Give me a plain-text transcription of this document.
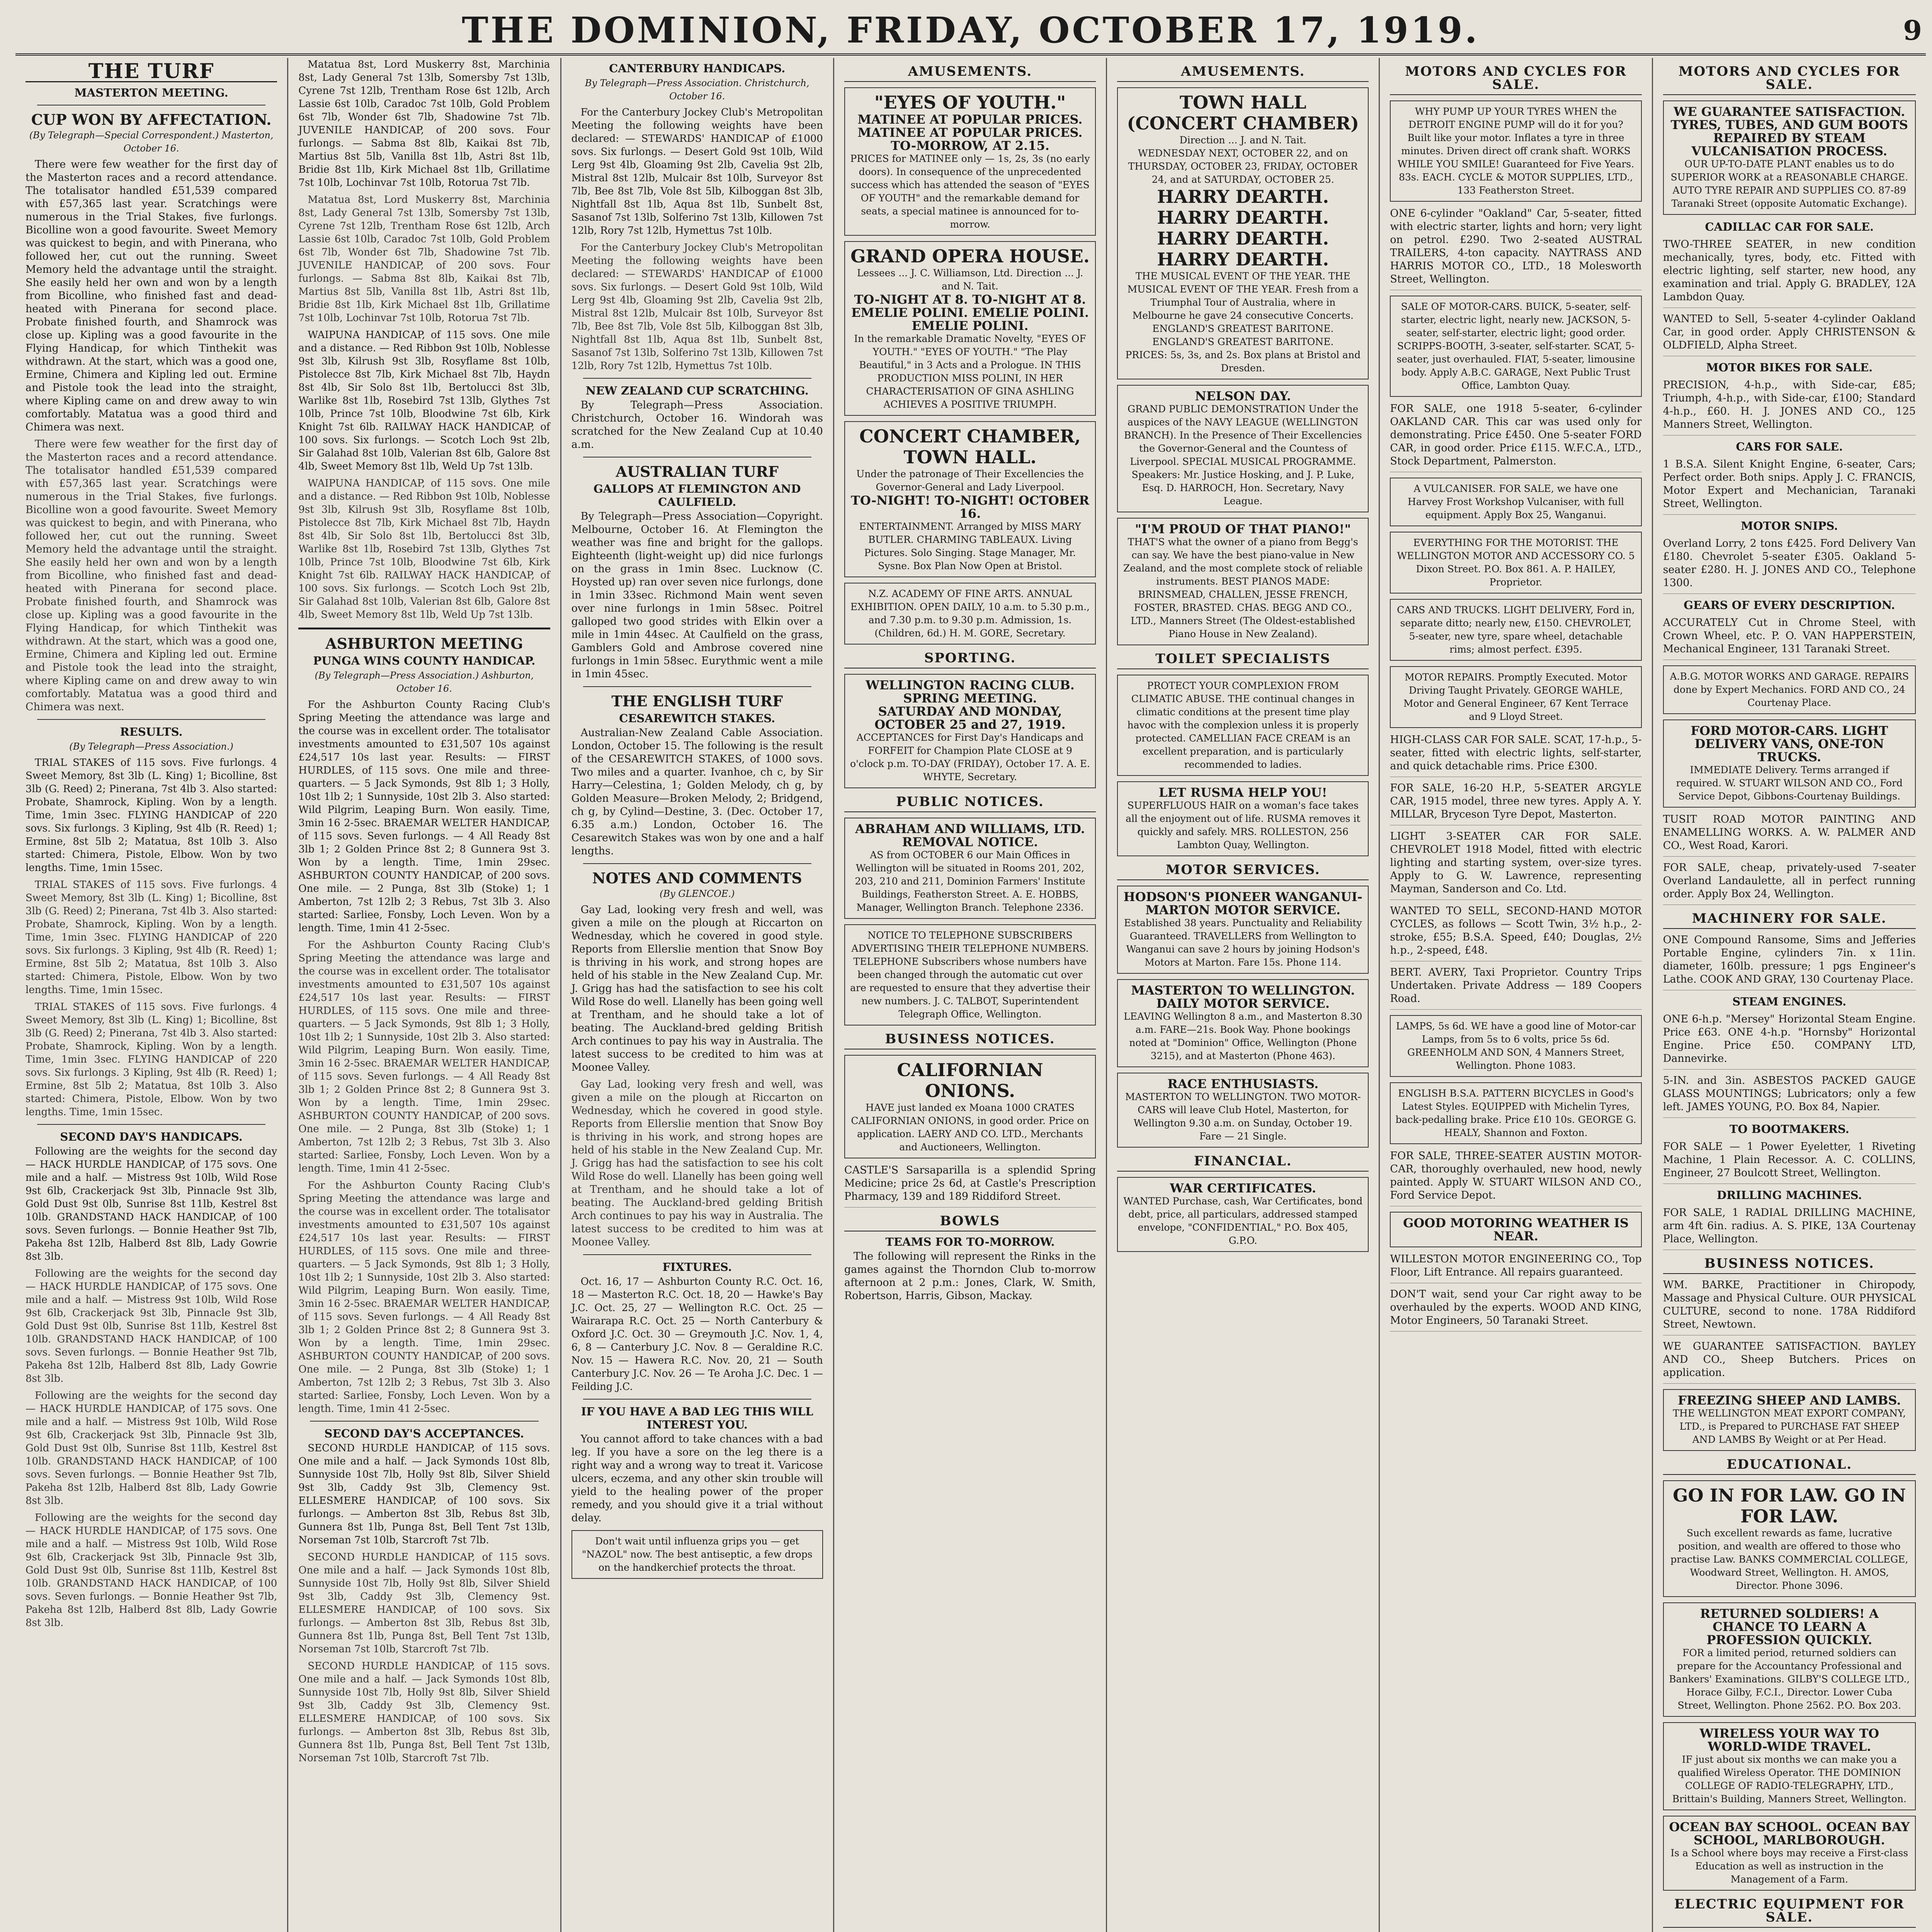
THE DOMINION, FRIDAY, OCTOBER 17, 1919.	9
THE TURF
MASTERTON MEETING.
CUP WON BY AFFECTATION.
(By Telegraph—Special Correspondent.) Masterton, October 16.

There were few weather for the first day of the Masterton races and a record attendance. The totalisator handled £51,539 compared with £57,365 last year. Scratchings were numerous in the Trial Stakes, five furlongs. Bicolline won a good favourite. Sweet Memory was quickest to begin, and with Pinerana, who followed her, cut out the running. Sweet Memory held the advantage until the straight. She easily held her own and won by a length from Bicolline, who finished fast and dead-heated with Pinerana for second place. Probate finished fourth, and Shamrock was close up. Kipling was a good favourite in the Flying Handicap, for which Tinthekit was withdrawn. At the start, which was a good one, Ermine, Chimera and Kipling led out. Ermine and Pistole took the lead into the straight, where Kipling came on and drew away to win comfortably. Matatua was a good third and Chimera was next.

There were few weather for the first day of the Masterton races and a record attendance. The totalisator handled £51,539 compared with £57,365 last year. Scratchings were numerous in the Trial Stakes, five furlongs. Bicolline won a good favourite. Sweet Memory was quickest to begin, and with Pinerana, who followed her, cut out the running. Sweet Memory held the advantage until the straight. She easily held her own and won by a length from Bicolline, who finished fast and dead-heated with Pinerana for second place. Probate finished fourth, and Shamrock was close up. Kipling was a good favourite in the Flying Handicap, for which Tinthekit was withdrawn. At the start, which was a good one, Ermine, Chimera and Kipling led out. Ermine and Pistole took the lead into the straight, where Kipling came on and drew away to win comfortably. Matatua was a good third and Chimera was next.

RESULTS.
(By Telegraph—Press Association.)

TRIAL STAKES of 115 sovs. Five furlongs. 4 Sweet Memory, 8st 3lb (L. King) 1; Bicolline, 8st 3lb (G. Reed) 2; Pinerana, 7st 4lb 3. Also started: Probate, Shamrock, Kipling. Won by a length. Time, 1min 3sec. FLYING HANDICAP of 220 sovs. Six furlongs. 3 Kipling, 9st 4lb (R. Reed) 1; Ermine, 8st 5lb 2; Matatua, 8st 10lb 3. Also started: Chimera, Pistole, Elbow. Won by two lengths. Time, 1min 15sec.

TRIAL STAKES of 115 sovs. Five furlongs. 4 Sweet Memory, 8st 3lb (L. King) 1; Bicolline, 8st 3lb (G. Reed) 2; Pinerana, 7st 4lb 3. Also started: Probate, Shamrock, Kipling. Won by a length. Time, 1min 3sec. FLYING HANDICAP of 220 sovs. Six furlongs. 3 Kipling, 9st 4lb (R. Reed) 1; Ermine, 8st 5lb 2; Matatua, 8st 10lb 3. Also started: Chimera, Pistole, Elbow. Won by two lengths. Time, 1min 15sec.

TRIAL STAKES of 115 sovs. Five furlongs. 4 Sweet Memory, 8st 3lb (L. King) 1; Bicolline, 8st 3lb (G. Reed) 2; Pinerana, 7st 4lb 3. Also started: Probate, Shamrock, Kipling. Won by a length. Time, 1min 3sec. FLYING HANDICAP of 220 sovs. Six furlongs. 3 Kipling, 9st 4lb (R. Reed) 1; Ermine, 8st 5lb 2; Matatua, 8st 10lb 3. Also started: Chimera, Pistole, Elbow. Won by two lengths. Time, 1min 15sec.

SECOND DAY'S HANDICAPS.

Following are the weights for the second day — HACK HURDLE HANDICAP, of 175 sovs. One mile and a half. — Mistress 9st 10lb, Wild Rose 9st 6lb, Crackerjack 9st 3lb, Pinnacle 9st 3lb, Gold Dust 9st 0lb, Sunrise 8st 11lb, Kestrel 8st 10lb. GRANDSTAND HACK HANDICAP, of 100 sovs. Seven furlongs. — Bonnie Heather 9st 7lb, Pakeha 8st 12lb, Halberd 8st 8lb, Lady Gowrie 8st 3lb.

Following are the weights for the second day — HACK HURDLE HANDICAP, of 175 sovs. One mile and a half. — Mistress 9st 10lb, Wild Rose 9st 6lb, Crackerjack 9st 3lb, Pinnacle 9st 3lb, Gold Dust 9st 0lb, Sunrise 8st 11lb, Kestrel 8st 10lb. GRANDSTAND HACK HANDICAP, of 100 sovs. Seven furlongs. — Bonnie Heather 9st 7lb, Pakeha 8st 12lb, Halberd 8st 8lb, Lady Gowrie 8st 3lb.

Following are the weights for the second day — HACK HURDLE HANDICAP, of 175 sovs. One mile and a half. — Mistress 9st 10lb, Wild Rose 9st 6lb, Crackerjack 9st 3lb, Pinnacle 9st 3lb, Gold Dust 9st 0lb, Sunrise 8st 11lb, Kestrel 8st 10lb. GRANDSTAND HACK HANDICAP, of 100 sovs. Seven furlongs. — Bonnie Heather 9st 7lb, Pakeha 8st 12lb, Halberd 8st 8lb, Lady Gowrie 8st 3lb.

Following are the weights for the second day — HACK HURDLE HANDICAP, of 175 sovs. One mile and a half. — Mistress 9st 10lb, Wild Rose 9st 6lb, Crackerjack 9st 3lb, Pinnacle 9st 3lb, Gold Dust 9st 0lb, Sunrise 8st 11lb, Kestrel 8st 10lb. GRANDSTAND HACK HANDICAP, of 100 sovs. Seven furlongs. — Bonnie Heather 9st 7lb, Pakeha 8st 12lb, Halberd 8st 8lb, Lady Gowrie 8st 3lb.

Matatua 8st, Lord Muskerry 8st, Marchinia 8st, Lady General 7st 13lb, Somersby 7st 13lb, Cyrene 7st 12lb, Trentham Rose 6st 12lb, Arch Lassie 6st 10lb, Caradoc 7st 10lb, Gold Problem 6st 7lb, Wonder 6st 7lb, Shadowine 7st 7lb. JUVENILE HANDICAP, of 200 sovs. Four furlongs. — Sabma 8st 8lb, Kaikai 8st 7lb, Martius 8st 5lb, Vanilla 8st 1lb, Astri 8st 1lb, Bridie 8st 1lb, Kirk Michael 8st 1lb, Grillatime 7st 10lb, Lochinvar 7st 10lb, Rotorua 7st 7lb.

Matatua 8st, Lord Muskerry 8st, Marchinia 8st, Lady General 7st 13lb, Somersby 7st 13lb, Cyrene 7st 12lb, Trentham Rose 6st 12lb, Arch Lassie 6st 10lb, Caradoc 7st 10lb, Gold Problem 6st 7lb, Wonder 6st 7lb, Shadowine 7st 7lb. JUVENILE HANDICAP, of 200 sovs. Four furlongs. — Sabma 8st 8lb, Kaikai 8st 7lb, Martius 8st 5lb, Vanilla 8st 1lb, Astri 8st 1lb, Bridie 8st 1lb, Kirk Michael 8st 1lb, Grillatime 7st 10lb, Lochinvar 7st 10lb, Rotorua 7st 7lb.

WAIPUNA HANDICAP, of 115 sovs. One mile and a distance. — Red Ribbon 9st 10lb, Noblesse 9st 3lb, Kilrush 9st 3lb, Rosyflame 8st 10lb, Pistolecce 8st 7lb, Kirk Michael 8st 7lb, Haydn 8st 4lb, Sir Solo 8st 1lb, Bertolucci 8st 3lb, Warlike 8st 1lb, Rosebird 7st 13lb, Glythes 7st 10lb, Prince 7st 10lb, Bloodwine 7st 6lb, Kirk Knight 7st 6lb. RAILWAY HACK HANDICAP, of 100 sovs. Six furlongs. — Scotch Loch 9st 2lb, Sir Galahad 8st 10lb, Valerian 8st 6lb, Galore 8st 4lb, Sweet Memory 8st 1lb, Weld Up 7st 13lb.

WAIPUNA HANDICAP, of 115 sovs. One mile and a distance. — Red Ribbon 9st 10lb, Noblesse 9st 3lb, Kilrush 9st 3lb, Rosyflame 8st 10lb, Pistolecce 8st 7lb, Kirk Michael 8st 7lb, Haydn 8st 4lb, Sir Solo 8st 1lb, Bertolucci 8st 3lb, Warlike 8st 1lb, Rosebird 7st 13lb, Glythes 7st 10lb, Prince 7st 10lb, Bloodwine 7st 6lb, Kirk Knight 7st 6lb. RAILWAY HACK HANDICAP, of 100 sovs. Six furlongs. — Scotch Loch 9st 2lb, Sir Galahad 8st 10lb, Valerian 8st 6lb, Galore 8st 4lb, Sweet Memory 8st 1lb, Weld Up 7st 13lb.

ASHBURTON MEETING
PUNGA WINS COUNTY HANDICAP.
(By Telegraph—Press Association.) Ashburton, October 16.

For the Ashburton County Racing Club's Spring Meeting the attendance was large and the course was in excellent order. The totalisator investments amounted to £31,507 10s against £24,517 10s last year. Results: — FIRST HURDLES, of 115 sovs. One mile and three-quarters. — 5 Jack Symonds, 9st 8lb 1; 3 Holly, 10st 1lb 2; 1 Sunnyside, 10st 2lb 3. Also started: Wild Pilgrim, Leaping Burn. Won easily. Time, 3min 16 2-5sec. BRAEMAR WELTER HANDICAP, of 115 sovs. Seven furlongs. — 4 All Ready 8st 3lb 1; 2 Golden Prince 8st 2; 8 Gunnera 9st 3. Won by a length. Time, 1min 29sec. ASHBURTON COUNTY HANDICAP, of 200 sovs. One mile. — 2 Punga, 8st 3lb (Stoke) 1; 1 Amberton, 7st 12lb 2; 3 Rebus, 7st 3lb 3. Also started: Sarliee, Fonsby, Loch Leven. Won by a length. Time, 1min 41 2-5sec.

For the Ashburton County Racing Club's Spring Meeting the attendance was large and the course was in excellent order. The totalisator investments amounted to £31,507 10s against £24,517 10s last year. Results: — FIRST HURDLES, of 115 sovs. One mile and three-quarters. — 5 Jack Symonds, 9st 8lb 1; 3 Holly, 10st 1lb 2; 1 Sunnyside, 10st 2lb 3. Also started: Wild Pilgrim, Leaping Burn. Won easily. Time, 3min 16 2-5sec. BRAEMAR WELTER HANDICAP, of 115 sovs. Seven furlongs. — 4 All Ready 8st 3lb 1; 2 Golden Prince 8st 2; 8 Gunnera 9st 3. Won by a length. Time, 1min 29sec. ASHBURTON COUNTY HANDICAP, of 200 sovs. One mile. — 2 Punga, 8st 3lb (Stoke) 1; 1 Amberton, 7st 12lb 2; 3 Rebus, 7st 3lb 3. Also started: Sarliee, Fonsby, Loch Leven. Won by a length. Time, 1min 41 2-5sec.

For the Ashburton County Racing Club's Spring Meeting the attendance was large and the course was in excellent order. The totalisator investments amounted to £31,507 10s against £24,517 10s last year. Results: — FIRST HURDLES, of 115 sovs. One mile and three-quarters. — 5 Jack Symonds, 9st 8lb 1; 3 Holly, 10st 1lb 2; 1 Sunnyside, 10st 2lb 3. Also started: Wild Pilgrim, Leaping Burn. Won easily. Time, 3min 16 2-5sec. BRAEMAR WELTER HANDICAP, of 115 sovs. Seven furlongs. — 4 All Ready 8st 3lb 1; 2 Golden Prince 8st 2; 8 Gunnera 9st 3. Won by a length. Time, 1min 29sec. ASHBURTON COUNTY HANDICAP, of 200 sovs. One mile. — 2 Punga, 8st 3lb (Stoke) 1; 1 Amberton, 7st 12lb 2; 3 Rebus, 7st 3lb 3. Also started: Sarliee, Fonsby, Loch Leven. Won by a length. Time, 1min 41 2-5sec.

SECOND DAY'S ACCEPTANCES.

SECOND HURDLE HANDICAP, of 115 sovs. One mile and a half. — Jack Symonds 10st 8lb, Sunnyside 10st 7lb, Holly 9st 8lb, Silver Shield 9st 3lb, Caddy 9st 3lb, Clemency 9st. ELLESMERE HANDICAP, of 100 sovs. Six furlongs. — Amberton 8st 3lb, Rebus 8st 3lb, Gunnera 8st 1lb, Punga 8st, Bell Tent 7st 13lb, Norseman 7st 10lb, Starcroft 7st 7lb.

SECOND HURDLE HANDICAP, of 115 sovs. One mile and a half. — Jack Symonds 10st 8lb, Sunnyside 10st 7lb, Holly 9st 8lb, Silver Shield 9st 3lb, Caddy 9st 3lb, Clemency 9st. ELLESMERE HANDICAP, of 100 sovs. Six furlongs. — Amberton 8st 3lb, Rebus 8st 3lb, Gunnera 8st 1lb, Punga 8st, Bell Tent 7st 13lb, Norseman 7st 10lb, Starcroft 7st 7lb.

SECOND HURDLE HANDICAP, of 115 sovs. One mile and a half. — Jack Symonds 10st 8lb, Sunnyside 10st 7lb, Holly 9st 8lb, Silver Shield 9st 3lb, Caddy 9st 3lb, Clemency 9st. ELLESMERE HANDICAP, of 100 sovs. Six furlongs. — Amberton 8st 3lb, Rebus 8st 3lb, Gunnera 8st 1lb, Punga 8st, Bell Tent 7st 13lb, Norseman 7st 10lb, Starcroft 7st 7lb.

CANTERBURY HANDICAPS.
By Telegraph—Press Association. Christchurch, October 16.

For the Canterbury Jockey Club's Metropolitan Meeting the following weights have been declared: — STEWARDS' HANDICAP of £1000 sovs. Six furlongs. — Desert Gold 9st 10lb, Wild Lerg 9st 4lb, Gloaming 9st 2lb, Cavelia 9st 2lb, Mistral 8st 12lb, Mulcair 8st 10lb, Surveyor 8st 7lb, Bee 8st 7lb, Vole 8st 5lb, Kilboggan 8st 3lb, Nightfall 8st 1lb, Aqua 8st 1lb, Sunbelt 8st, Sasanof 7st 13lb, Solferino 7st 13lb, Killowen 7st 12lb, Rory 7st 12lb, Hymettus 7st 10lb.

For the Canterbury Jockey Club's Metropolitan Meeting the following weights have been declared: — STEWARDS' HANDICAP of £1000 sovs. Six furlongs. — Desert Gold 9st 10lb, Wild Lerg 9st 4lb, Gloaming 9st 2lb, Cavelia 9st 2lb, Mistral 8st 12lb, Mulcair 8st 10lb, Surveyor 8st 7lb, Bee 8st 7lb, Vole 8st 5lb, Kilboggan 8st 3lb, Nightfall 8st 1lb, Aqua 8st 1lb, Sunbelt 8st, Sasanof 7st 13lb, Solferino 7st 13lb, Killowen 7st 12lb, Rory 7st 12lb, Hymettus 7st 10lb.

NEW ZEALAND CUP SCRATCHING.

By Telegraph—Press Association. Christchurch, October 16. Windorah was scratched for the New Zealand Cup at 10.40 a.m.

AUSTRALIAN TURF
GALLOPS AT FLEMINGTON AND CAULFIELD.

By Telegraph—Press Association—Copyright. Melbourne, October 16. At Flemington the weather was fine and bright for the gallops. Eighteenth (light-weight up) did nice furlongs on the grass in 1min 8sec. Lucknow (C. Hoysted up) ran over seven nice furlongs, done in 1min 33sec. Richmond Main went seven over nine furlongs in 1min 58sec. Poitrel galloped two good strides with Elkin over a mile in 1min 44sec. At Caulfield on the grass, Gamblers Gold and Ambrose covered nine furlongs in 1min 58sec. Eurythmic went a mile in 1min 45sec.

THE ENGLISH TURF
CESAREWITCH STAKES.

Australian-New Zealand Cable Association. London, October 15. The following is the result of the CESAREWITCH STAKES, of 1000 sovs. Two miles and a quarter. Ivanhoe, ch c, by Sir Harry—Celestina, 1; Golden Melody, ch g, by Golden Measure—Broken Melody, 2; Bridgend, ch g, by Cylind—Destine, 3. (Dec. October 17, 6.35 a.m.) London, October 16. The Cesarewitch Stakes was won by one and a half lengths.

NOTES AND COMMENTS
(By GLENCOE.)

Gay Lad, looking very fresh and well, was given a mile on the plough at Riccarton on Wednesday, which he covered in good style. Reports from Ellerslie mention that Snow Boy is thriving in his work, and strong hopes are held of his stable in the New Zealand Cup. Mr. J. Grigg has had the satisfaction to see his colt Wild Rose do well. Llanelly has been going well at Trentham, and he should take a lot of beating. The Auckland-bred gelding British Arch continues to pay his way in Australia. The latest success to be credited to him was at Moonee Valley.

Gay Lad, looking very fresh and well, was given a mile on the plough at Riccarton on Wednesday, which he covered in good style. Reports from Ellerslie mention that Snow Boy is thriving in his work, and strong hopes are held of his stable in the New Zealand Cup. Mr. J. Grigg has had the satisfaction to see his colt Wild Rose do well. Llanelly has been going well at Trentham, and he should take a lot of beating. The Auckland-bred gelding British Arch continues to pay his way in Australia. The latest success to be credited to him was at Moonee Valley.

FIXTURES.

Oct. 16, 17 — Ashburton County R.C. Oct. 16, 18 — Masterton R.C. Oct. 18, 20 — Hawke's Bay J.C. Oct. 25, 27 — Wellington R.C. Oct. 25 — Wairarapa R.C. Oct. 25 — North Canterbury & Oxford J.C. Oct. 30 — Greymouth J.C. Nov. 1, 4, 6, 8 — Canterbury J.C. Nov. 8 — Geraldine R.C. Nov. 15 — Hawera R.C. Nov. 20, 21 — South Canterbury J.C. Nov. 26 — Te Aroha J.C. Dec. 1 — Feilding J.C.

IF YOU HAVE A BAD LEG THIS WILL INTEREST YOU.

You cannot afford to take chances with a bad leg. If you have a sore on the leg there is a right way and a wrong way to treat it. Varicose ulcers, eczema, and any other skin trouble will yield to the healing power of the proper remedy, and you should give it a trial without delay.

Don't wait until influenza grips you — get "NAZOL" now. The best antiseptic, a few drops on the handkerchief protects the throat.
AMUSEMENTS.
"EYES OF YOUTH."
MATINEE AT POPULAR PRICES. MATINEE AT POPULAR PRICES. TO-MORROW, AT 2.15.
PRICES for MATINEE only — 1s, 2s, 3s (no early doors). In consequence of the unprecedented success which has attended the season of "EYES OF YOUTH" and the remarkable demand for seats, a special matinee is announced for to-morrow.
GRAND OPERA HOUSE.
Lessees ... J. C. Williamson, Ltd. Direction ... J. and N. Tait.
TO-NIGHT AT 8. TO-NIGHT AT 8.
EMELIE POLINI. EMELIE POLINI. EMELIE POLINI.
In the remarkable Dramatic Novelty, "EYES OF YOUTH." "EYES OF YOUTH." "The Play Beautiful," in 3 Acts and a Prologue. IN THIS PRODUCTION MISS POLINI, IN HER CHARACTERISATION OF GINA ASHLING ACHIEVES A POSITIVE TRIUMPH.
CONCERT CHAMBER, TOWN HALL.
Under the patronage of Their Excellencies the Governor-General and Lady Liverpool.
TO-NIGHT! TO-NIGHT! OCTOBER 16.
ENTERTAINMENT. Arranged by MISS MARY BUTLER. CHARMING TABLEAUX. Living Pictures. Solo Singing. Stage Manager, Mr. Sysne. Box Plan Now Open at Bristol.
N.Z. ACADEMY OF FINE ARTS. ANNUAL EXHIBITION. OPEN DAILY, 10 a.m. to 5.30 p.m., and 7.30 p.m. to 9.30 p.m. Admission, 1s. (Children, 6d.) H. M. GORE, Secretary.
SPORTING.
WELLINGTON RACING CLUB.
SPRING MEETING.
SATURDAY AND MONDAY, OCTOBER 25 and 27, 1919.
ACCEPTANCES for First Day's Handicaps and FORFEIT for Champion Plate CLOSE at 9 o'clock p.m. TO-DAY (FRIDAY), October 17. A. E. WHYTE, Secretary.
PUBLIC NOTICES.
ABRAHAM AND WILLIAMS, LTD.
REMOVAL NOTICE.
AS from OCTOBER 6 our Main Offices in Wellington will be situated in Rooms 201, 202, 203, 210 and 211, Dominion Farmers' Institute Buildings, Featherston Street. A. E. HOBBS, Manager, Wellington Branch. Telephone 2336.
NOTICE TO TELEPHONE SUBSCRIBERS ADVERTISING THEIR TELEPHONE NUMBERS. TELEPHONE Subscribers whose numbers have been changed through the automatic cut over are requested to ensure that they advertise their new numbers. J. C. TALBOT, Superintendent Telegraph Office, Wellington.
BUSINESS NOTICES.
CALIFORNIAN ONIONS.
HAVE just landed ex Moana 1000 CRATES CALIFORNIAN ONIONS, in good order. Price on application. LAERY AND CO. LTD., Merchants and Auctioneers, Wellington.
CASTLE'S Sarsaparilla is a splendid Spring Medicine; price 2s 6d, at Castle's Prescription Pharmacy, 139 and 189 Riddiford Street.
BOWLS
TEAMS FOR TO-MORROW.

The following will represent the Rinks in the games against the Thorndon Club to-morrow afternoon at 2 p.m.: Jones, Clark, W. Smith, Robertson, Harris, Gibson, Mackay.

AMUSEMENTS.
TOWN HALL (CONCERT CHAMBER)
Direction ... J. and N. Tait.
WEDNESDAY NEXT, OCTOBER 22, and on THURSDAY, OCTOBER 23, FRIDAY, OCTOBER 24, and at SATURDAY, OCTOBER 25.
HARRY DEARTH. HARRY DEARTH. HARRY DEARTH. HARRY DEARTH.
THE MUSICAL EVENT OF THE YEAR. THE MUSICAL EVENT OF THE YEAR. Fresh from a Triumphal Tour of Australia, where in Melbourne he gave 24 consecutive Concerts. ENGLAND'S GREATEST BARITONE. ENGLAND'S GREATEST BARITONE.
PRICES: 5s, 3s, and 2s. Box plans at Bristol and Dresden.
NELSON DAY.
GRAND PUBLIC DEMONSTRATION Under the auspices of the NAVY LEAGUE (WELLINGTON BRANCH). In the Presence of Their Excellencies the Governor-General and the Countess of Liverpool. SPECIAL MUSICAL PROGRAMME. Speakers: Mr. Justice Hosking, and J. P. Luke, Esq. D. HARROCH, Hon. Secretary, Navy League.
"I'M PROUD OF THAT PIANO!"
THAT'S what the owner of a piano from Begg's can say. We have the best piano-value in New Zealand, and the most complete stock of reliable instruments. BEST PIANOS MADE: BRINSMEAD, CHALLEN, JESSE FRENCH, FOSTER, BRASTED. CHAS. BEGG AND CO., LTD., Manners Street (The Oldest-established Piano House in New Zealand).
TOILET SPECIALISTS
PROTECT YOUR COMPLEXION FROM CLIMATIC ABUSE. THE continual changes in climatic conditions at the present time play havoc with the complexion unless it is properly protected. CAMELLIAN FACE CREAM is an excellent preparation, and is particularly recommended to ladies.
LET RUSMA HELP YOU!
SUPERFLUOUS HAIR on a woman's face takes all the enjoyment out of life. RUSMA removes it quickly and safely. MRS. ROLLESTON, 256 Lambton Quay, Wellington.
MOTOR SERVICES.
HODSON'S PIONEER WANGANUI-MARTON MOTOR SERVICE.
Established 38 years. Punctuality and Reliability Guaranteed. TRAVELLERS from Wellington to Wanganui can save 2 hours by joining Hodson's Motors at Marton. Fare 15s. Phone 114.
MASTERTON TO WELLINGTON. DAILY MOTOR SERVICE.
LEAVING Wellington 8 a.m., and Masterton 8.30 a.m. FARE—21s. Book Way. Phone bookings noted at "Dominion" Office, Wellington (Phone 3215), and at Masterton (Phone 463).
RACE ENTHUSIASTS.
MASTERTON TO WELLINGTON. TWO MOTOR-CARS will leave Club Hotel, Masterton, for Wellington 9.30 a.m. on Sunday, October 19. Fare — 21 Single.
FINANCIAL.
WAR CERTIFICATES.
WANTED Purchase, cash, War Certificates, bond debt, price, all particulars, addressed stamped envelope, "CONFIDENTIAL," P.O. Box 405, G.P.O.
MOTORS AND CYCLES FOR SALE.
WHY PUMP UP YOUR TYRES WHEN the DETROIT ENGINE PUMP will do it for you? Built like your motor. Inflates a tyre in three minutes. Driven direct off crank shaft. WORKS WHILE YOU SMILE! Guaranteed for Five Years. 83s. EACH. CYCLE & MOTOR SUPPLIES, LTD., 133 Featherston Street.
ONE 6-cylinder "Oakland" Car, 5-seater, fitted with electric starter, lights and horn; very light on petrol. £290. Two 2-seated AUSTRAL TRAILERS, 4-ton capacity. NAYTRASS AND HARRIS MOTOR CO., LTD., 18 Molesworth Street, Wellington.
SALE OF MOTOR-CARS. BUICK, 5-seater, self-starter, electric light, nearly new. JACKSON, 5-seater, self-starter, electric light; good order. SCRIPPS-BOOTH, 3-seater, self-starter. SCAT, 5-seater, just overhauled. FIAT, 5-seater, limousine body. Apply A.B.C. GARAGE, Next Public Trust Office, Lambton Quay.
FOR SALE, one 1918 5-seater, 6-cylinder OAKLAND CAR. This car was used only for demonstrating. Price £450. One 5-seater FORD CAR, in good order. Price £115. W.F.C.A., LTD., Stock Department, Palmerston.
A VULCANISER. FOR SALE, we have one Harvey Frost Workshop Vulcaniser, with full equipment. Apply Box 25, Wanganui.
EVERYTHING FOR THE MOTORIST. THE WELLINGTON MOTOR AND ACCESSORY CO. 5 Dixon Street. P.O. Box 861. A. P. HAILEY, Proprietor.
CARS AND TRUCKS. LIGHT DELIVERY, Ford in, separate ditto; nearly new, £150. CHEVROLET, 5-seater, new tyre, spare wheel, detachable rims; almost perfect. £395.
MOTOR REPAIRS. Promptly Executed. Motor Driving Taught Privately. GEORGE WAHLE, Motor and General Engineer, 67 Kent Terrace and 9 Lloyd Street.
HIGH-CLASS CAR FOR SALE. SCAT, 17-h.p., 5-seater, fitted with electric lights, self-starter, and quick detachable rims. Price £300.
FOR SALE, 16-20 H.P., 5-SEATER ARGYLE CAR, 1915 model, three new tyres. Apply A. Y. MILLAR, Bryceson Tyre Depot, Masterton.
LIGHT 3-SEATER CAR FOR SALE. CHEVROLET 1918 Model, fitted with electric lighting and starting system, over-size tyres. Apply to G. W. Lawrence, representing Mayman, Sanderson and Co. Ltd.
WANTED TO SELL, SECOND-HAND MOTOR CYCLES, as follows — Scott Twin, 3½ h.p., 2-stroke, £55; B.S.A. Speed, £40; Douglas, 2½ h.p., 2-speed, £48.
BERT. AVERY, Taxi Proprietor. Country Trips Undertaken. Private Address — 189 Coopers Road.
LAMPS, 5s 6d. WE have a good line of Motor-car Lamps, from 5s to 6 volts, price 5s 6d. GREENHOLM AND SON, 4 Manners Street, Wellington. Phone 1083.
ENGLISH B.S.A. PATTERN BICYCLES in Good's Latest Styles. EQUIPPED with Michelin Tyres, back-pedalling brake. Price £10 10s. GEORGE G. HEALY, Shannon and Foxton.
FOR SALE, THREE-SEATER AUSTIN MOTOR-CAR, thoroughly overhauled, new hood, newly painted. Apply W. STUART WILSON AND CO., Ford Service Depot.
GOOD MOTORING WEATHER IS NEAR.
WILLESTON MOTOR ENGINEERING CO., Top Floor, Lift Entrance. All repairs guaranteed.
DON'T wait, send your Car right away to be overhauled by the experts. WOOD AND KING, Motor Engineers, 50 Taranaki Street.
MOTORS AND CYCLES FOR SALE.
WE GUARANTEE SATISFACTION. TYRES, TUBES, AND GUM BOOTS REPAIRED BY STEAM VULCANISATION PROCESS.
OUR UP-TO-DATE PLANT enables us to do SUPERIOR WORK at a REASONABLE CHARGE. AUTO TYRE REPAIR AND SUPPLIES CO. 87-89 Taranaki Street (opposite Automatic Exchange).
CADILLAC CAR FOR SALE.
TWO-THREE SEATER, in new condition mechanically, tyres, body, etc. Fitted with electric lighting, self starter, new hood, any examination and trial. Apply G. BRADLEY, 12A Lambdon Quay.
WANTED to Sell, 5-seater 4-cylinder Oakland Car, in good order. Apply CHRISTENSON & OLDFIELD, Alpha Street.
MOTOR BIKES FOR SALE.
PRECISION, 4-h.p., with Side-car, £85; Triumph, 4-h.p., with Side-car, £100; Standard 4-h.p., £60. H. J. JONES AND CO., 125 Manners Street, Wellington.
CARS FOR SALE.
1 B.S.A. Silent Knight Engine, 6-seater, Cars; Perfect order. Both snips. Apply J. C. FRANCIS, Motor Expert and Mechanician, Taranaki Street, Wellington.
MOTOR SNIPS.
Overland Lorry, 2 tons £425. Ford Delivery Van £180. Chevrolet 5-seater £305. Oakland 5-seater £280. H. J. JONES AND CO., Telephone 1300.
GEARS OF EVERY DESCRIPTION.
ACCURATELY Cut in Chrome Steel, with Crown Wheel, etc. P. O. VAN HAPPERSTEIN, Mechanical Engineer, 131 Taranaki Street.
A.B.G. MOTOR WORKS AND GARAGE. REPAIRS done by Expert Mechanics. FORD AND CO., 24 Courtenay Place.
FORD MOTOR-CARS. LIGHT DELIVERY VANS, ONE-TON TRUCKS.
IMMEDIATE Delivery. Terms arranged if required. W. STUART WILSON AND CO., Ford Service Depot, Gibbons-Courtenay Buildings.
TUSIT ROAD MOTOR PAINTING AND ENAMELLING WORKS. A. W. PALMER AND CO., West Road, Karori.
FOR SALE, cheap, privately-used 7-seater Overland Landaulette, all in perfect running order. Apply Box 24, Wellington.
MACHINERY FOR SALE.
ONE Compound Ransome, Sims and Jefferies Portable Engine, cylinders 7in. x 11in. diameter, 160lb. pressure; 1 pgs Engineer's Lathe. COOK AND GRAY, 130 Courtenay Place.
STEAM ENGINES.
ONE 6-h.p. "Mersey" Horizontal Steam Engine. Price £63. ONE 4-h.p. "Hornsby" Horizontal Engine. Price £50. COMPANY LTD, Dannevirke.
5-IN. and 3in. ASBESTOS PACKED GAUGE GLASS MOUNTINGS; Lubricators; only a few left. JAMES YOUNG, P.O. Box 84, Napier.
TO BOOTMAKERS.
FOR SALE — 1 Power Eyeletter, 1 Riveting Machine, 1 Plain Recessor. A. C. COLLINS, Engineer, 27 Boulcott Street, Wellington.
DRILLING MACHINES.
FOR SALE, 1 RADIAL DRILLING MACHINE, arm 4ft 6in. radius. A. S. PIKE, 13A Courtenay Place, Wellington.
BUSINESS NOTICES.
WM. BARKE, Practitioner in Chiropody, Massage and Physical Culture. OUR PHYSICAL CULTURE, second to none. 178A Riddiford Street, Newtown.
WE GUARANTEE SATISFACTION. BAYLEY AND CO., Sheep Butchers. Prices on application.
FREEZING SHEEP AND LAMBS.
THE WELLINGTON MEAT EXPORT COMPANY, LTD., is Prepared to PURCHASE FAT SHEEP AND LAMBS By Weight or at Per Head.
EDUCATIONAL.
GO IN FOR LAW. GO IN FOR LAW.
Such excellent rewards as fame, lucrative position, and wealth are offered to those who practise Law. BANKS COMMERCIAL COLLEGE, Woodward Street, Wellington. H. AMOS, Director. Phone 3096.
RETURNED SOLDIERS! A CHANCE TO LEARN A PROFESSION QUICKLY.
FOR a limited period, returned soldiers can prepare for the Accountancy Professional and Bankers' Examinations. GILBY'S COLLEGE LTD., Horace Gilby, F.C.I., Director. Lower Cuba Street, Wellington. Phone 2562. P.O. Box 203.
WIRELESS YOUR WAY TO WORLD-WIDE TRAVEL.
IF just about six months we can make you a qualified Wireless Operator. THE DOMINION COLLEGE OF RADIO-TELEGRAPHY, LTD., Brittain's Building, Manners Street, Wellington.
OCEAN BAY SCHOOL. OCEAN BAY SCHOOL, MARLBOROUGH.
Is a School where boys may receive a First-class Education as well as instruction in the Management of a Farm.
ELECTRIC EQUIPMENT FOR SALE.
